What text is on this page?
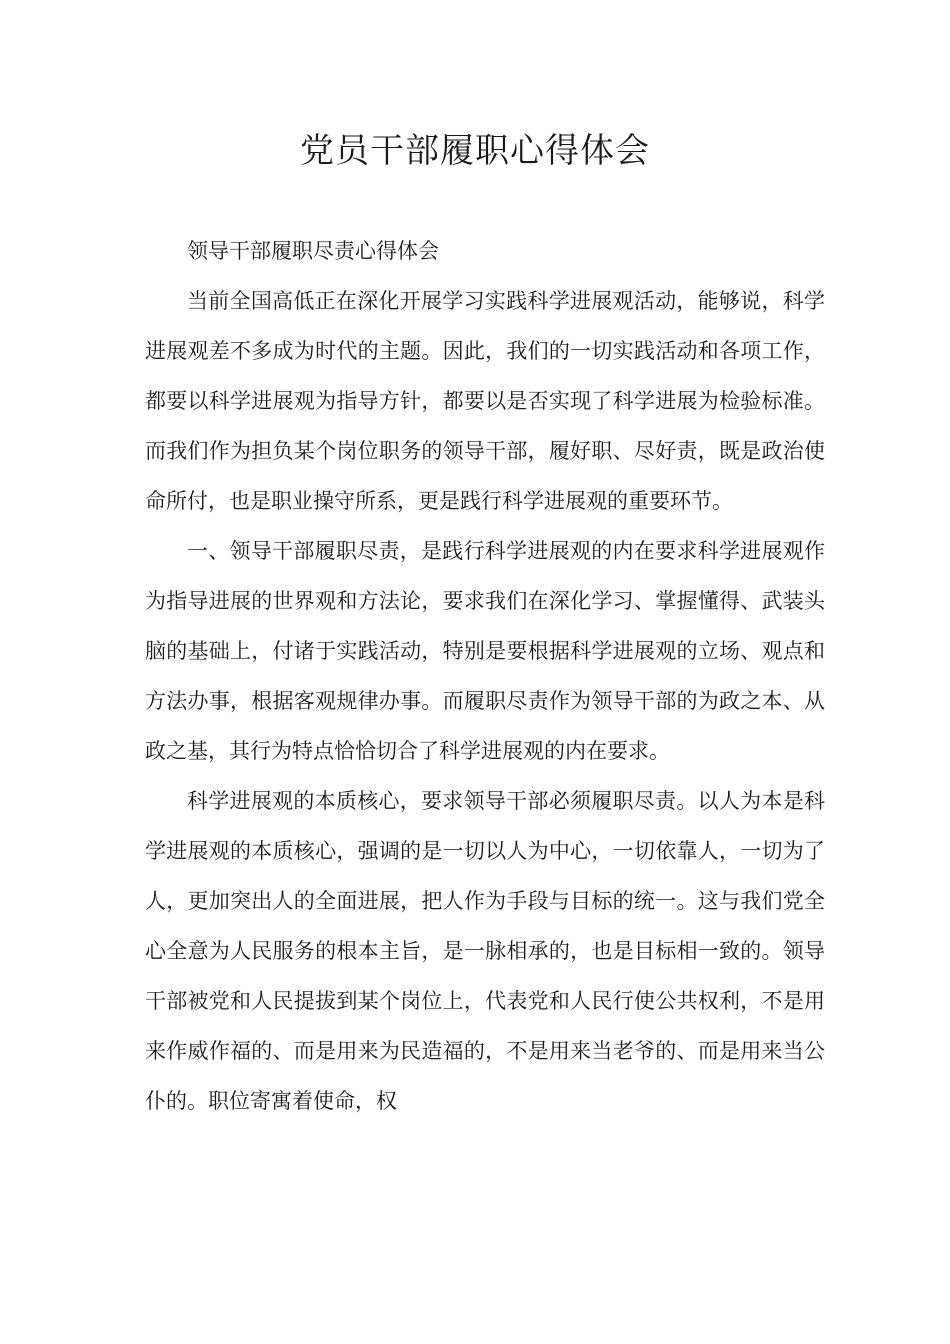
党员干部履职心得体会

领导干部履职尽责心得体会

当前全国高低正在深化开展学习实践科学进展观活动，能够说，科学进展观差不多成为时代的主题。因此，我们的一切实践活动和各项工作，都要以科学进展观为指导方针，都要以是否实现了科学进展为检验标准。而我们作为担负某个岗位职务的领导干部，履好职、尽好责，既是政治使命所付，也是职业操守所系，更是践行科学进展观的重要环节。

一、领导干部履职尽责，是践行科学进展观的内在要求科学进展观作为指导进展的世界观和方法论，要求我们在深化学习、掌握懂得、武装头脑的基础上，付诸于实践活动，特别是要根据科学进展观的立场、观点和方法办事，根据客观规律办事。而履职尽责作为领导干部的为政之本、从政之基，其行为特点恰恰切合了科学进展观的内在要求。

科学进展观的本质核心，要求领导干部必须履职尽责。以人为本是科学进展观的本质核心，强调的是一切以人为中心，一切依靠人，一切为了人，更加突出人的全面进展，把人作为手段与目标的统一。这与我们党全心全意为人民服务的根本主旨，是一脉相承的，也是目标相一致的。领导干部被党和人民提拔到某个岗位上，代表党和人民行使公共权利，不是用来作威作福的、而是用来为民造福的，不是用来当老爷的、而是用来当公仆的。职位寄寓着使命，权
